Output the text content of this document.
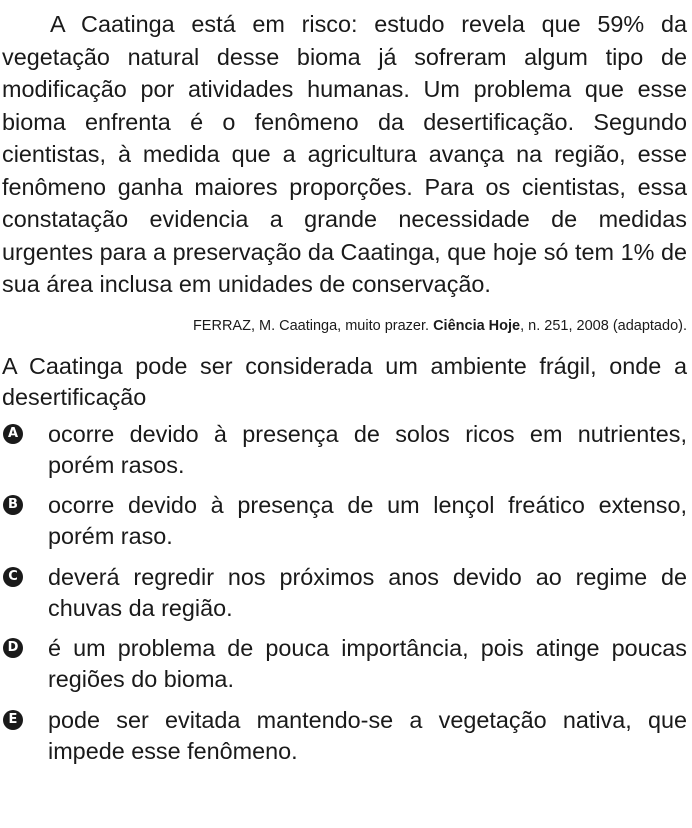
A Caatinga está em risco: estudo revela que 59% da vegetação natural desse bioma já sofreram algum tipo de modificação por atividades humanas. Um problema que esse bioma enfrenta é o fenômeno da desertificação. Segundo cientistas, à medida que a agricultura avança na região, esse fenômeno ganha maiores proporções. Para os cientistas, essa constatação evidencia a grande necessidade de medidas urgentes para a preservação da Caatinga, que hoje só tem 1% de sua área inclusa em unidades de conservação.

FERRAZ, M. Caatinga, muito prazer. Ciência Hoje, n. 251, 2008 (adaptado).

A Caatinga pode ser considerada um ambiente frágil, onde a desertificação

A ocorre devido à presença de solos ricos em nutrientes, porém rasos.
B ocorre devido à presença de um lençol freático extenso, porém raso.
C deverá regredir nos próximos anos devido ao regime de chuvas da região.
D é um problema de pouca importância, pois atinge poucas regiões do bioma.
E pode ser evitada mantendo-se a vegetação nativa, que impede esse fenômeno.
